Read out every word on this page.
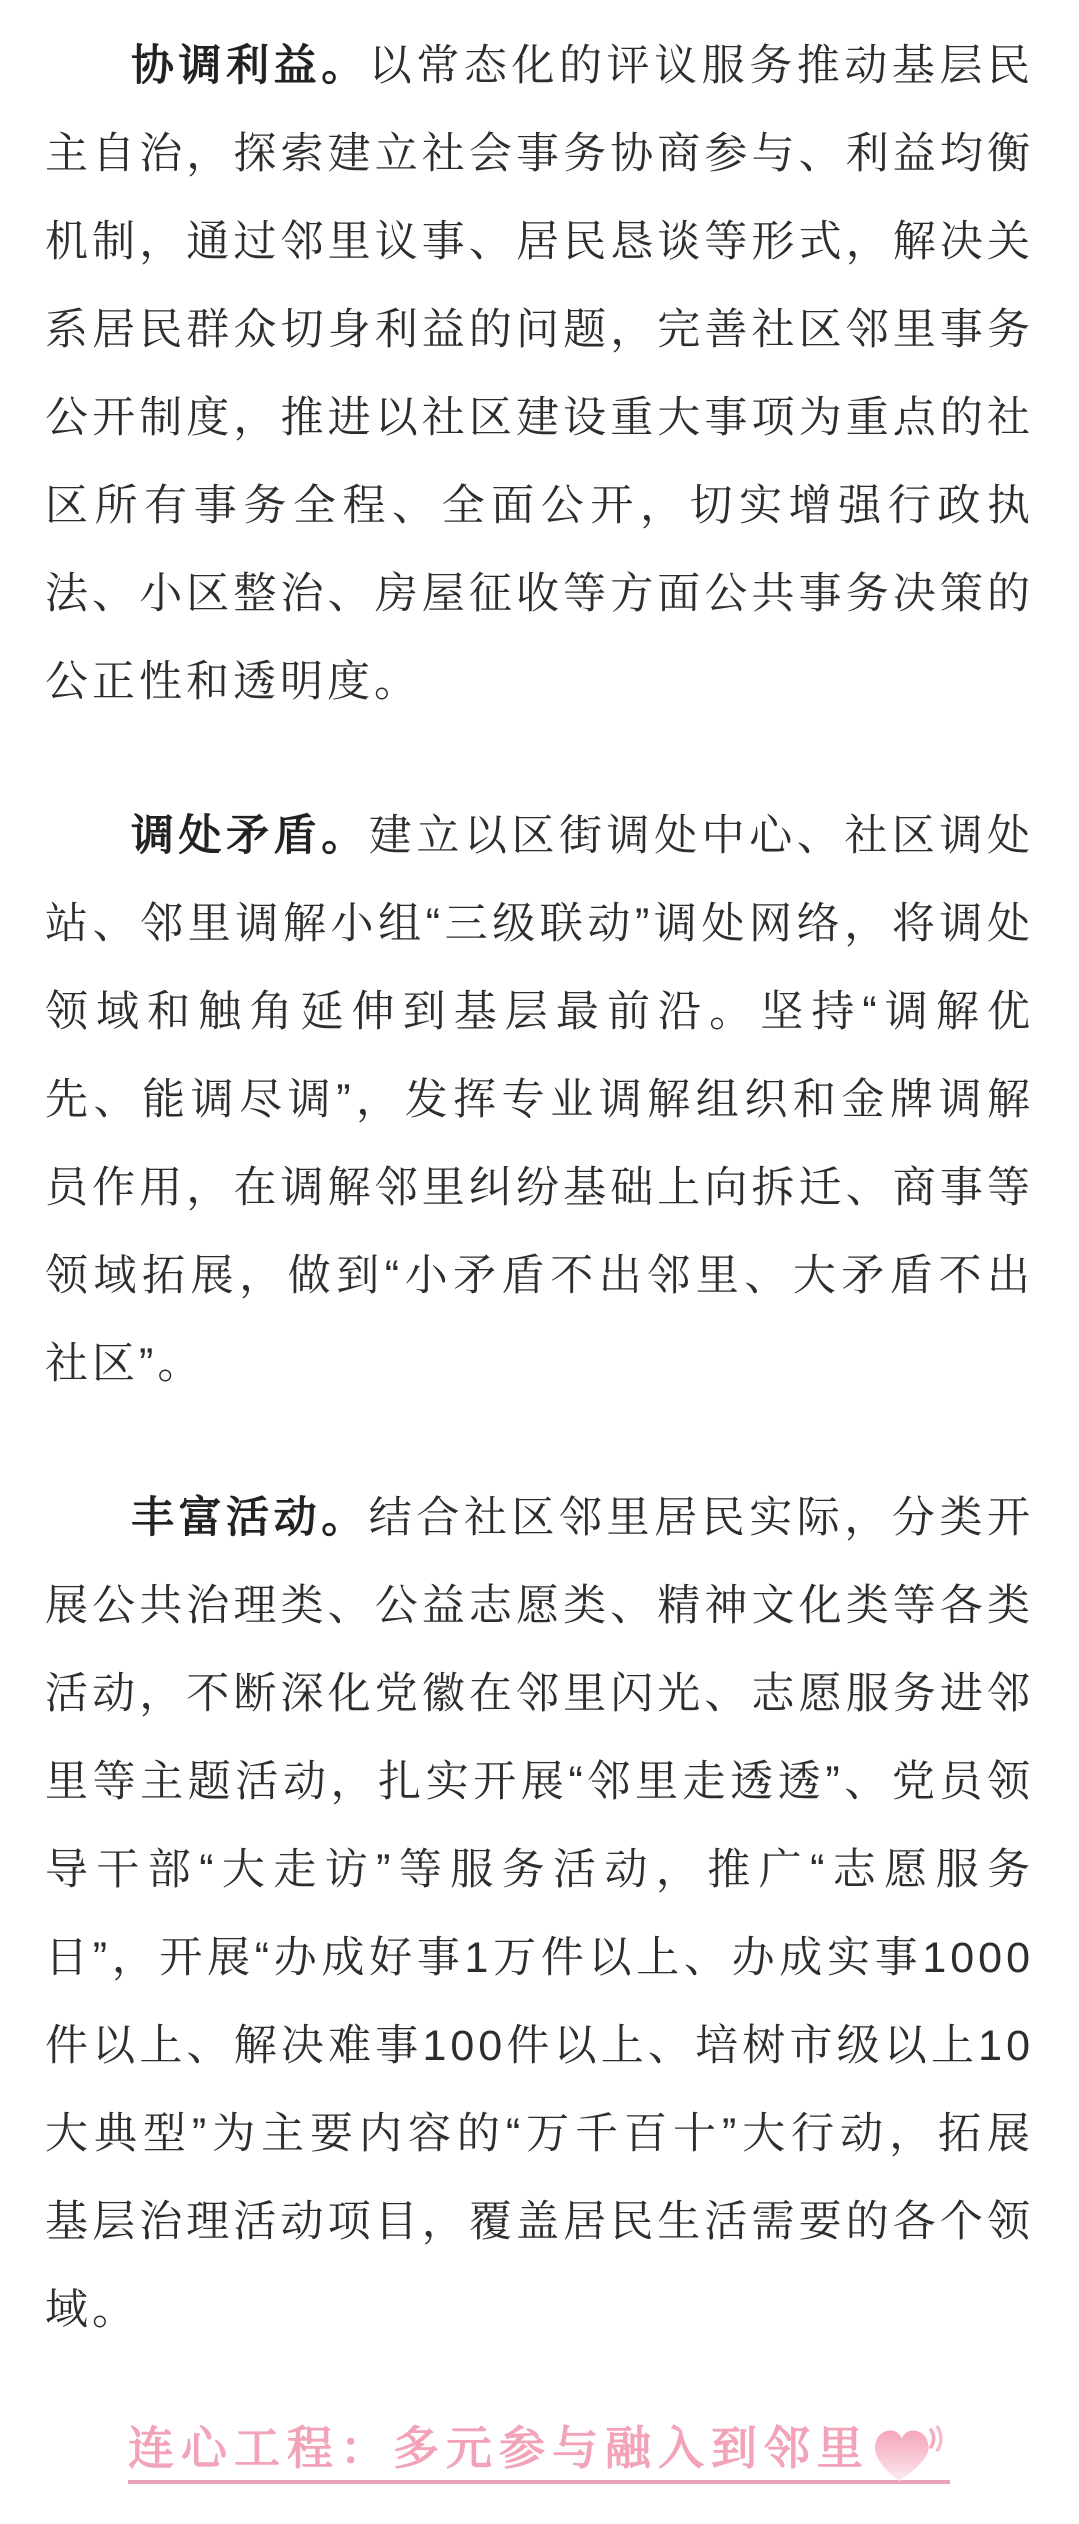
协调利益。以常态化的评议服务推动基层民主自治，探索建立社会事务协商参与、利益均衡机制，通过邻里议事、居民恳谈等形式，解决关系居民群众切身利益的问题，完善社区邻里事务公开制度，推进以社区建设重大事项为重点的社区所有事务全程、全面公开，切实增强行政执法、小区整治、房屋征收等方面公共事务决策的公正性和透明度。

调处矛盾。建立以区街调处中心、社区调处站、邻里调解小组“三级联动”调处网络，将调处领域和触角延伸到基层最前沿。坚持“调解优先、能调尽调”，发挥专业调解组织和金牌调解员作用，在调解邻里纠纷基础上向拆迁、商事等领域拓展，做到“小矛盾不出邻里、大矛盾不出社区”。

丰富活动。结合社区邻里居民实际，分类开展公共治理类、公益志愿类、精神文化类等各类活动，不断深化党徽在邻里闪光、志愿服务进邻里等主题活动，扎实开展“邻里走透透”、党员领导干部“大走访”等服务活动，推广“志愿服务日”，开展“办成好事1万件以上、办成实事1000件以上、解决难事100件以上、培树市级以上10大典型”为主要内容的“万千百十”大行动，拓展基层治理活动项目，覆盖居民生活需要的各个领域。

连心工程：多元参与融入到邻里
